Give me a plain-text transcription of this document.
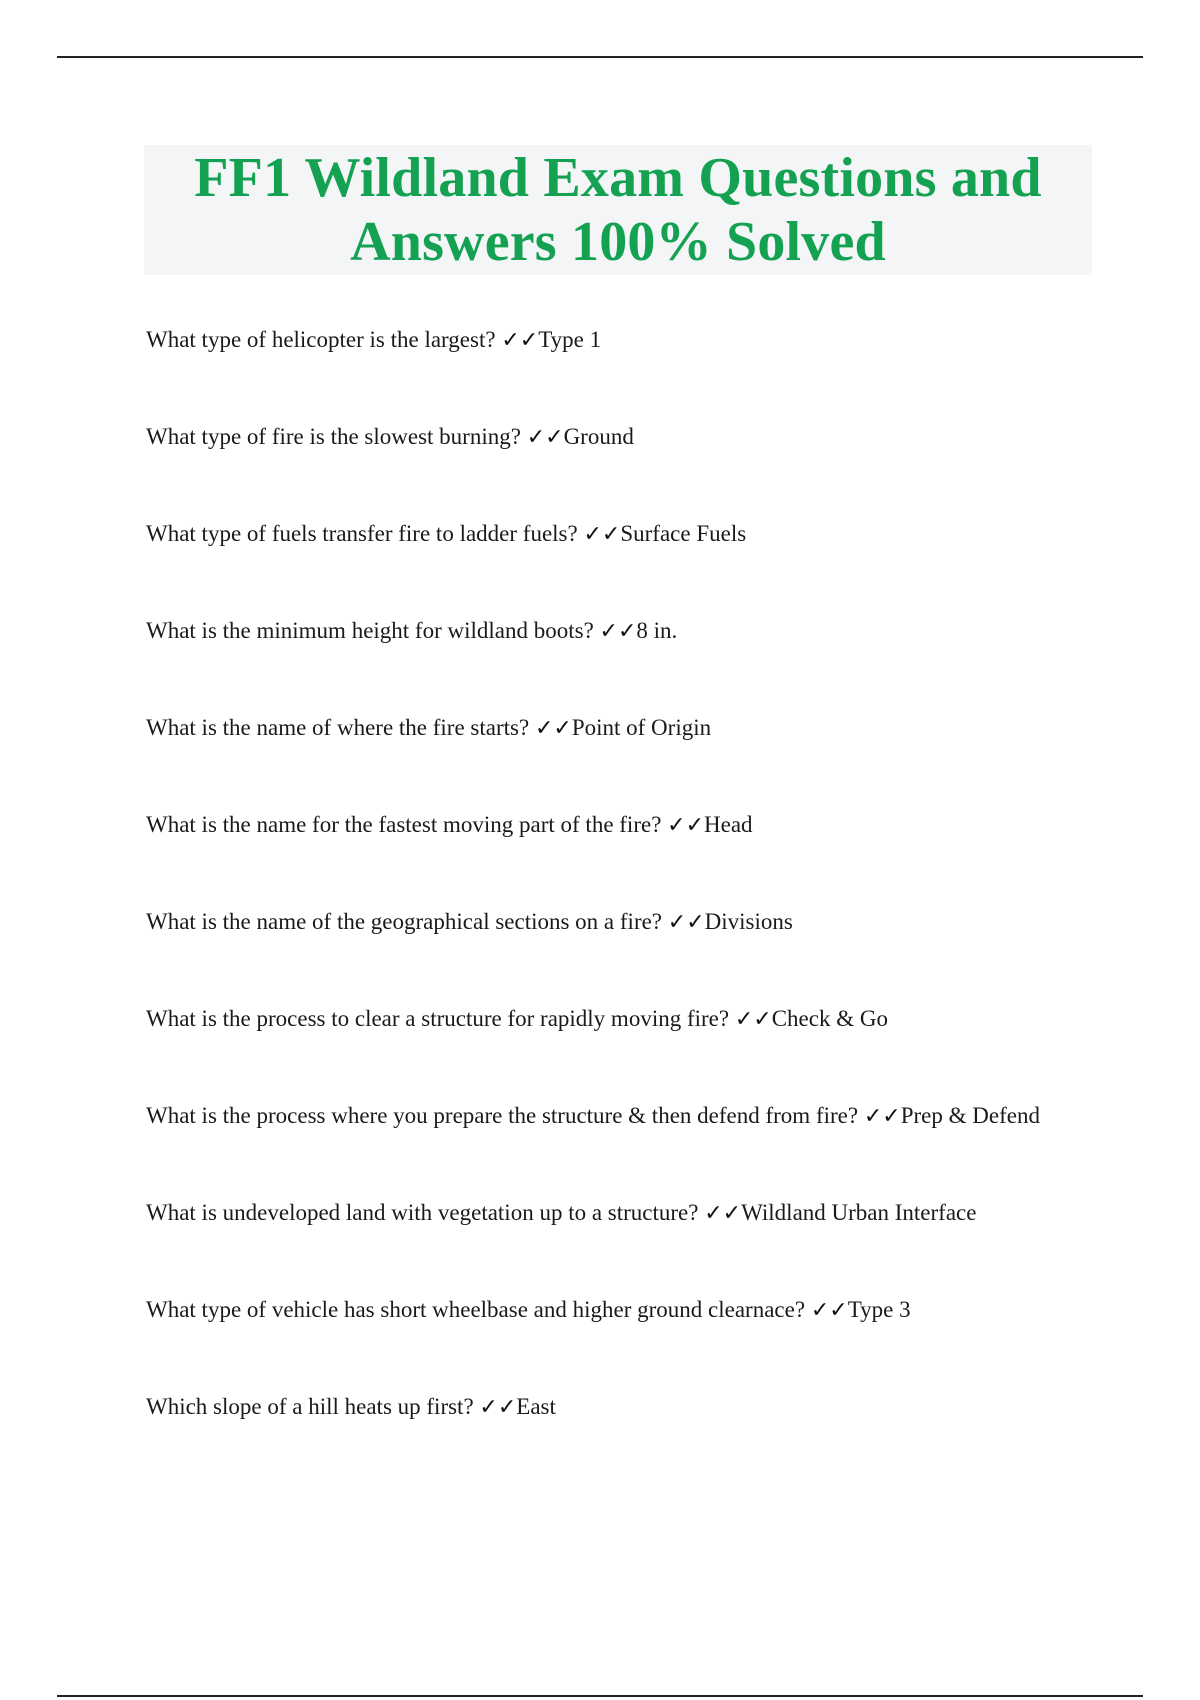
FF1 Wildland Exam Questions and
Answers 100% Solved
What type of helicopter is the largest? ✓✓Type 1
What type of fire is the slowest burning? ✓✓Ground
What type of fuels transfer fire to ladder fuels? ✓✓Surface Fuels
What is the minimum height for wildland boots? ✓✓8 in.
What is the name of where the fire starts? ✓✓Point of Origin
What is the name for the fastest moving part of the fire? ✓✓Head
What is the name of the geographical sections on a fire? ✓✓Divisions
What is the process to clear a structure for rapidly moving fire? ✓✓Check & Go
What is the process where you prepare the structure & then defend from fire? ✓✓Prep & Defend
What is undeveloped land with vegetation up to a structure? ✓✓Wildland Urban Interface
What type of vehicle has short wheelbase and higher ground clearnace? ✓✓Type 3
Which slope of a hill heats up first? ✓✓East
